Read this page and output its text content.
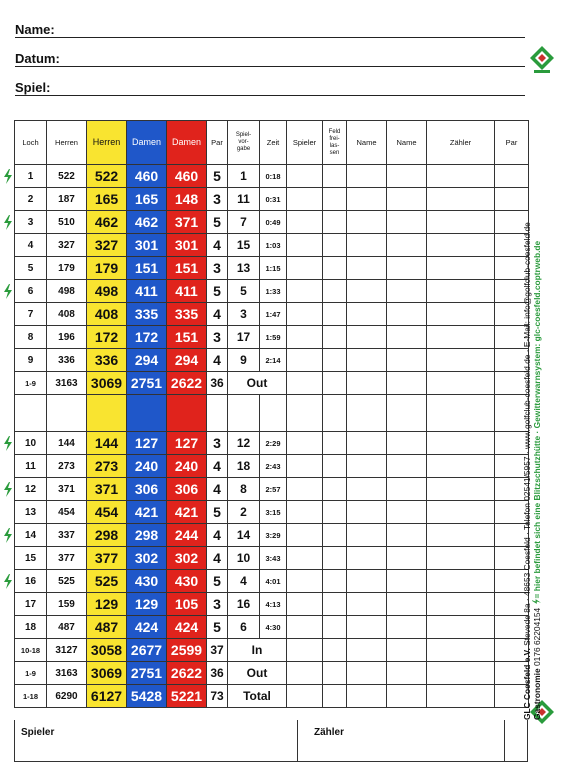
Name:
Datum:
Spiel:
Loch	Herren	Herren	Damen	Damen	Par	Spiel-
vor-
gabe	Zeit	Spieler	Feld
frei-
las-
sen	Name	Name	Zähler	Par
1	522	522	460	460	5	1	0:18						
2	187	165	165	148	3	11	0:31						
3	510	462	462	371	5	7	0:49						
4	327	327	301	301	4	15	1:03						
5	179	179	151	151	3	13	1:15						
6	498	498	411	411	5	5	1:33						
7	408	408	335	335	4	3	1:47						
8	196	172	172	151	3	17	1:59						
9	336	336	294	294	4	9	2:14						
1-9	3163	3069	2751	2622	36	Out							

10	144	144	127	127	3	12	2:29						
11	273	273	240	240	4	18	2:43						
12	371	371	306	306	4	8	2:57						
13	454	454	421	421	5	2	3:15						
14	337	298	298	244	4	14	3:29						
15	377	377	302	302	4	10	3:43						
16	525	525	430	430	5	4	4:01						
17	159	129	129	105	3	16	4:13						
18	487	487	424	424	5	6	4:30						
10-18	3127	3058	2677	2599	37	In							
1-9	3163	3069	2751	2622	36	Out							
1-18	6290	6127	5428	5221	73	Total							
Spieler	Zähler
GLC Coesfeld e.V. Stevede 8a · 48653 Coesfeld · Telefon 02541/5957 · www.golfclub-coesfeld.de · E-Mail: info@golfclub-coesfeld.de
Gastronomie 0176 62204154 = hier befindet sich eine Blitzschutzhütte · Gewitterwarnsystem: glc-coesfeld.coptrweb.de
